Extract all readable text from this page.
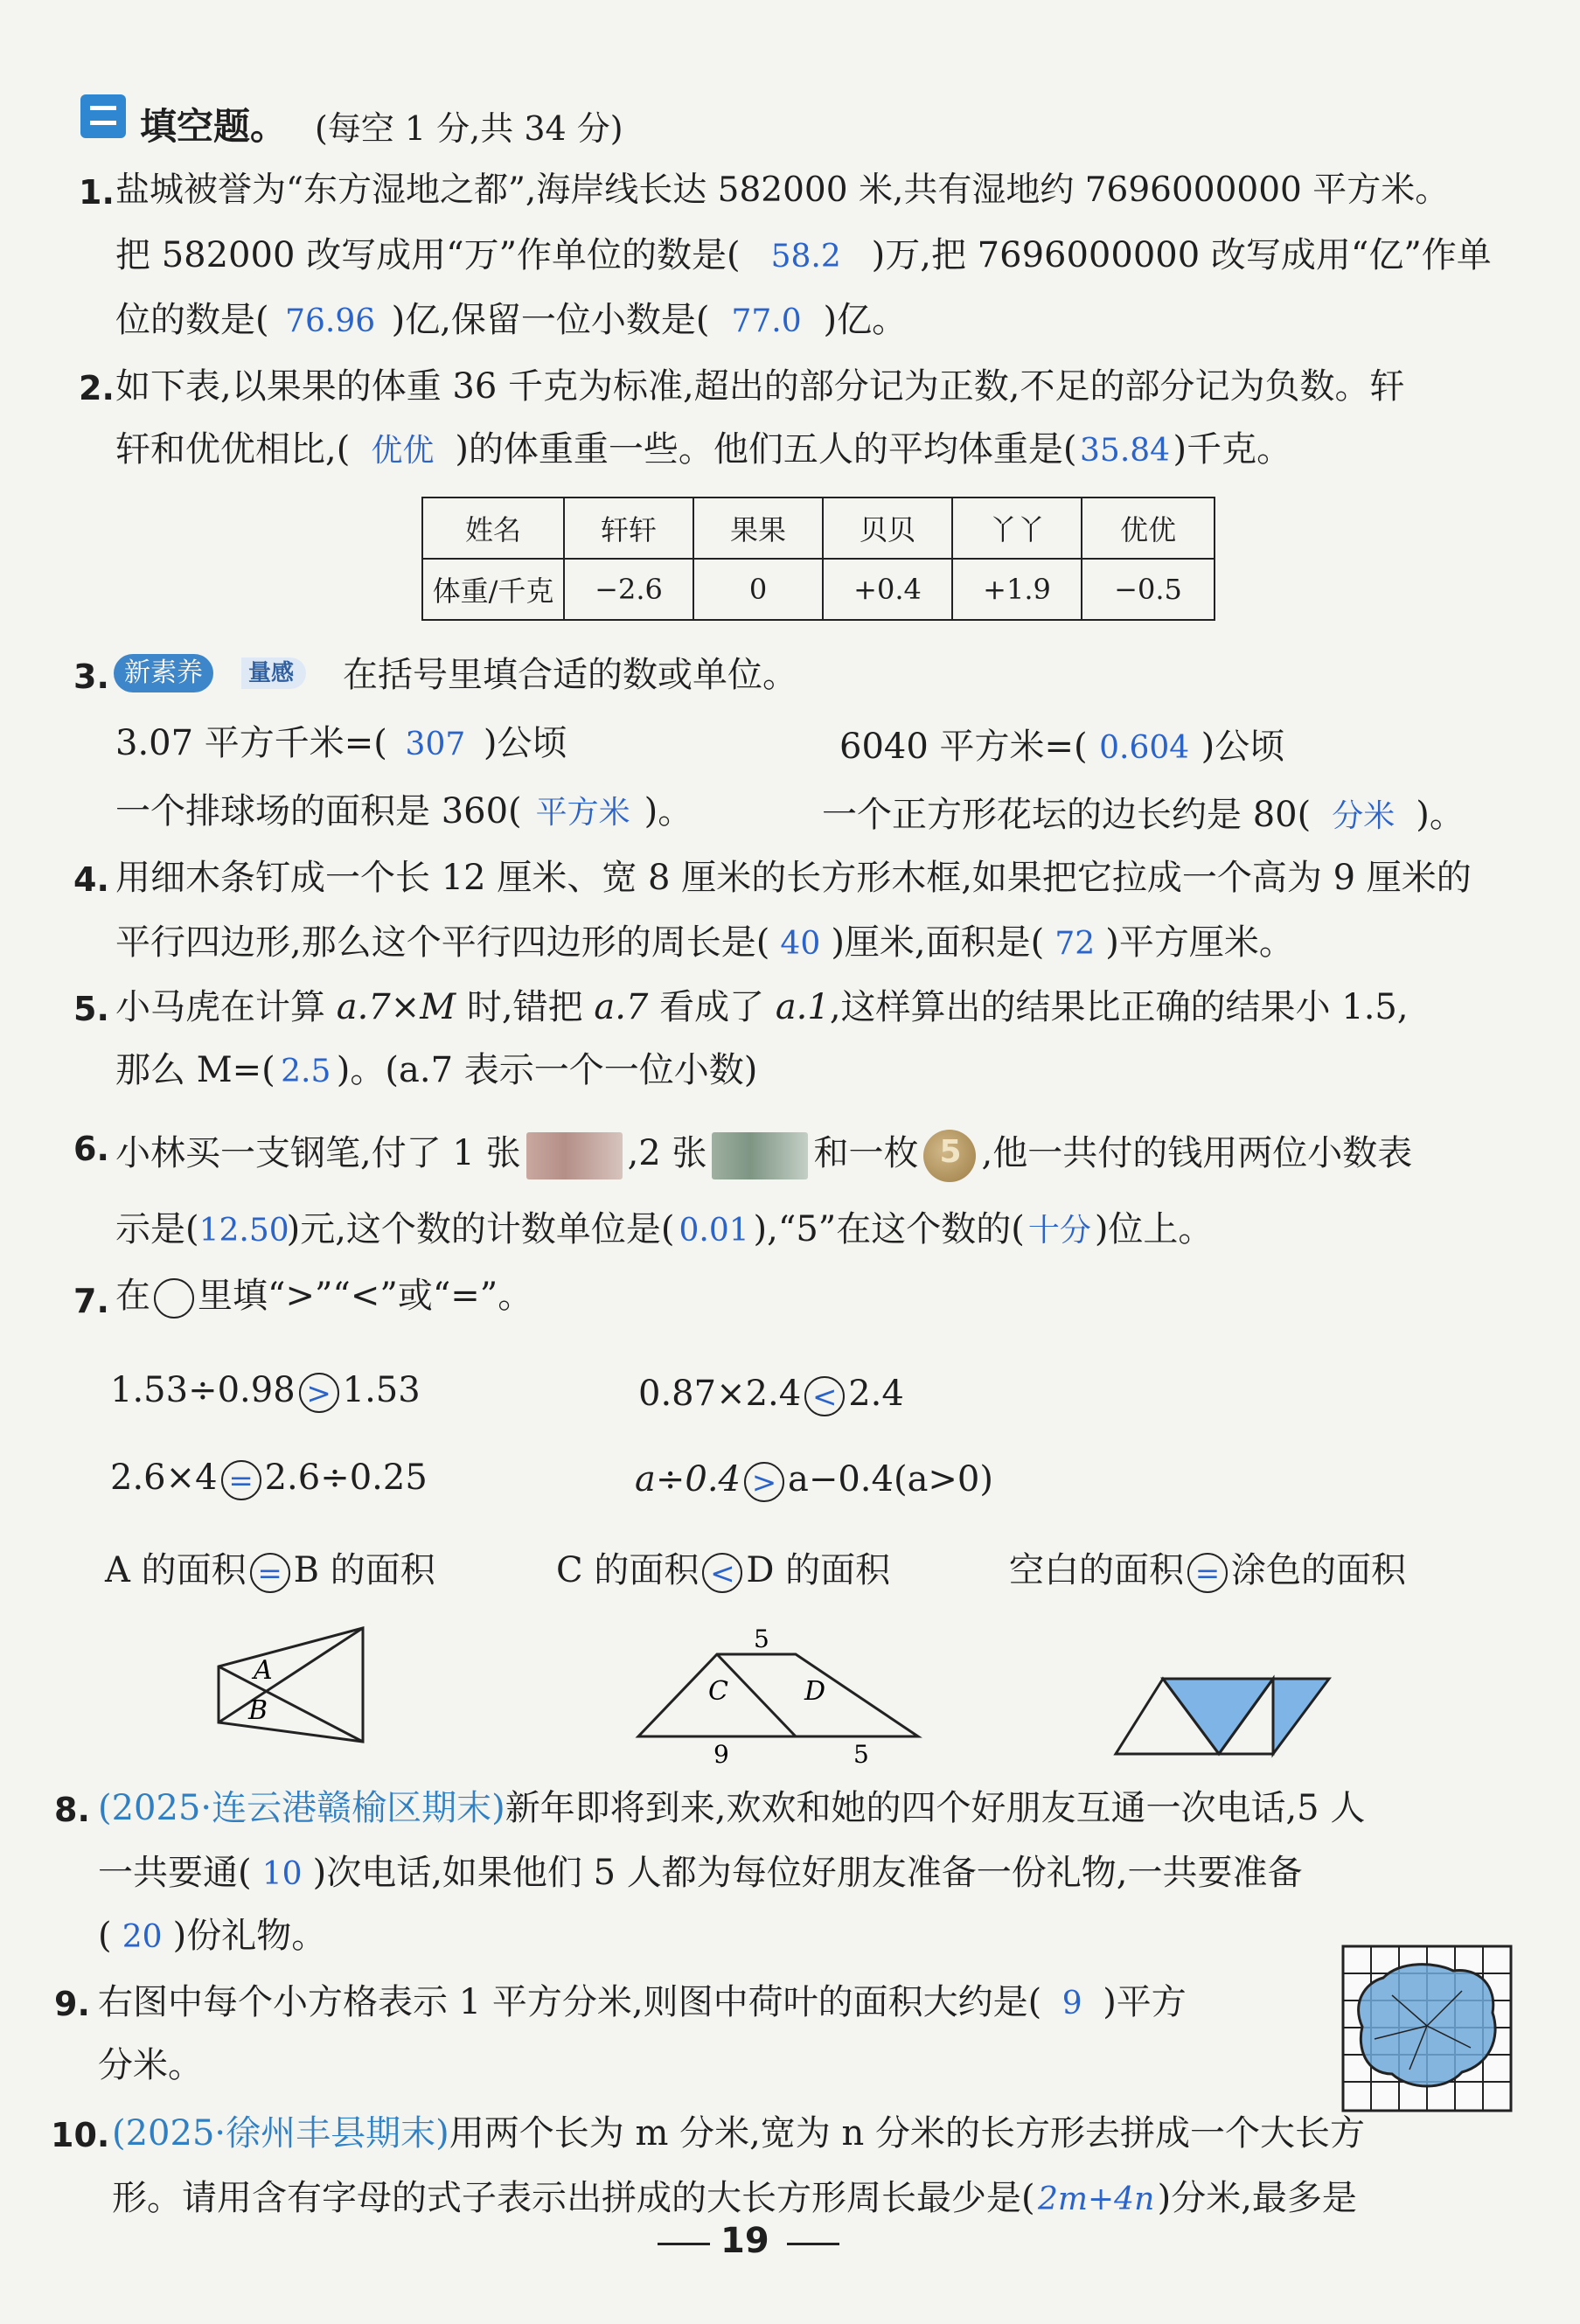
填空题。 (每空 1 分,共 34 分)
1. 盐城被誉为“东方湿地之都”,海岸线长达 582000 米,共有湿地约 7696000000 平方米。
把 582000 改写成用“万”作单位的数是( 58.2 )万,把 7696000000 改写成用“亿”作单
位的数是( 76.96 )亿,保留一位小数是( 77.0 )亿。
2. 如下表,以果果的体重 36 千克为标准,超出的部分记为正数,不足的部分记为负数。轩
轩和优优相比,( 优优 )的体重重一些。他们五人的平均体重是(35.84)千克。
姓名	轩轩	果果	贝贝	丫丫	优优
体重/千克	−2.6	0	+0.4	+1.9	−0.5
3. 新素养	量感	在括号里填合适的数或单位。
3.07 平方千米=( 307 )公顷	6040 平方米=( 0.604 )公顷
一个排球场的面积是 360( 平方米 )。	一个正方形花坛的边长约是 80( 分米 )。
4. 用细木条钉成一个长 12 厘米、宽 8 厘米的长方形木框,如果把它拉成一个高为 9 厘米的
平行四边形,那么这个平行四边形的周长是( 40 )厘米,面积是( 72 )平方厘米。
5. 小马虎在计算 a.7×M 时,错把 a.7 看成了 a.1,这样算出的结果比正确的结果小 1.5,
那么 M=( 2.5 )。(a.7 表示一个一位小数)
6. 小林买一支钢笔,付了 1 张	,2 张	和一枚 5 ,他一共付的钱用两位小数表
示是(12.50)元,这个数的计数单位是( 0.01 ),“5”在这个数的( 十分 )位上。
7. 在 里填“>”“<”或“=”。
1.53÷0.98 > 1.53	0.87×2.4 < 2.4
2.6×4 = 2.6÷0.25	a÷0.4 > a−0.4(a>0)
A 的面积 = B 的面积	C 的面积 < D 的面积	空白的面积 = 涂色的面积
A
B
C	D
5
9	5
8. (2025·连云港赣榆区期末)新年即将到来,欢欢和她的四个好朋友互通一次电话,5 人
一共要通( 10 )次电话,如果他们 5 人都为每位好朋友准备一份礼物,一共要准备
( 20 )份礼物。
9. 右图中每个小方格表示 1 平方分米,则图中荷叶的面积大约是( 9 )平方
分米。
10. (2025·徐州丰县期末)用两个长为 m 分米,宽为 n 分米的长方形去拼成一个大长方
形。请用含有字母的式子表示出拼成的大长方形周长最少是(2m+4n)分米,最多是
19
